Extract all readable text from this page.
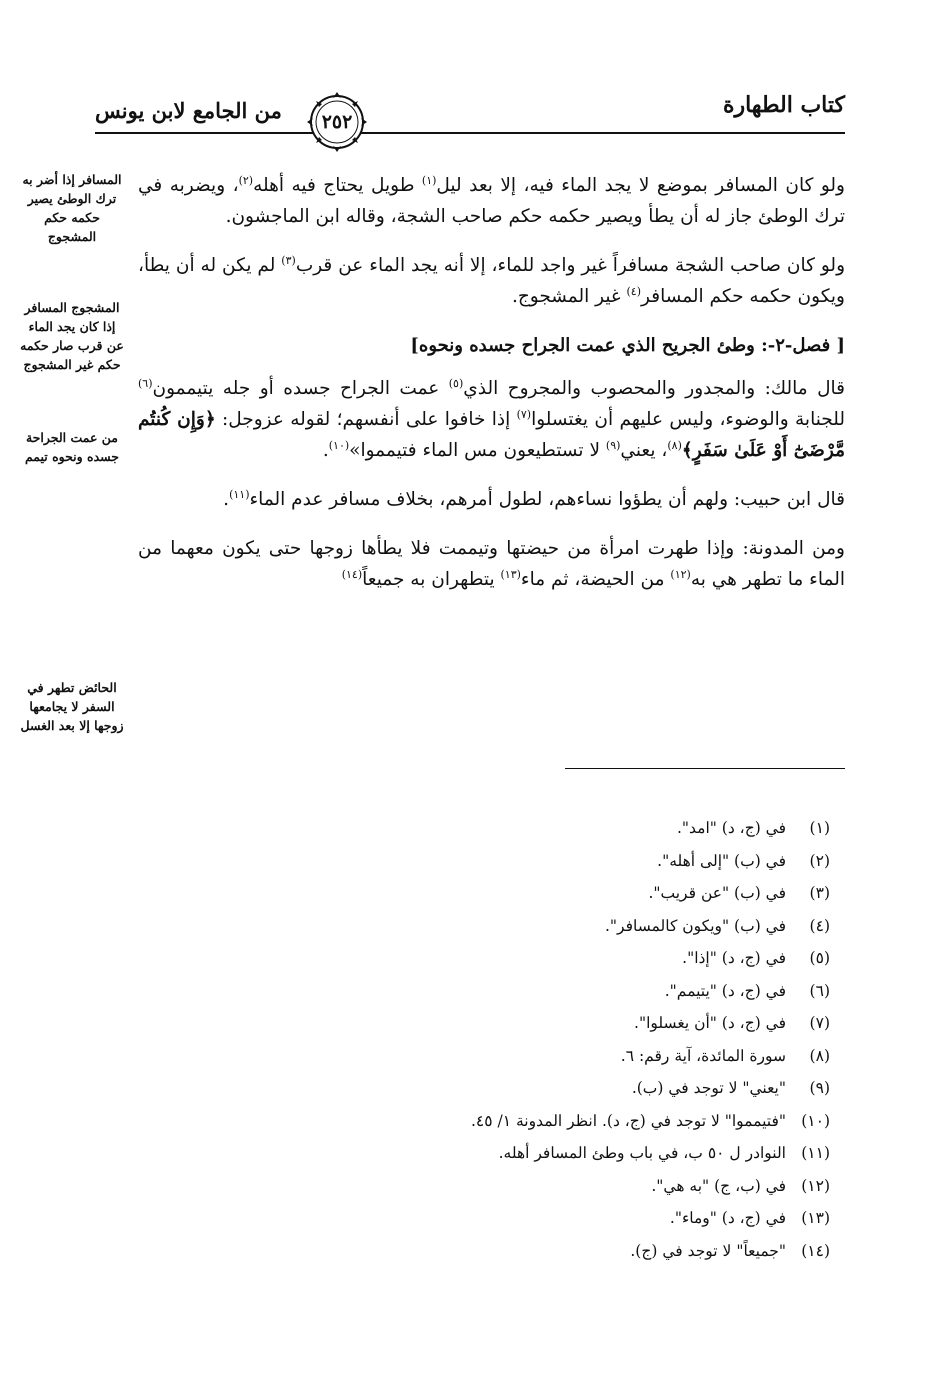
كتاب الطهارة
من الجامع لابن يونس	٢٥٢
المسافر إذا أضر به ترك الوطئ يصير حكمه حكم المشجوج
المشجوج المسافر إذا كان يجد الماء عن قرب صار حكمه حكم غير المشجوج
من عمت الجراحة جسده ونحوه تيمم
الحائض تطهر في السفر لا يجامعها زوجها إلا بعد الغسل

ولو كان المسافر بموضع لا يجد الماء فيه، إلا بعد ليل$^{(١)}$ طويل يحتاج فيه أهله$^{(٢)}$، ويضربه في ترك الوطئ جاز له أن يطأ ويصير حكمه حكم صاحب الشجة، وقاله ابن الماجشون.

ولو كان صاحب الشجة مسافراً غير واجد للماء، إلا أنه يجد الماء عن قرب$^{(٣)}$ لم يكن له أن يطأ، ويكون حكمه حكم المسافر$^{(٤)}$ غير المشجوج.

[ فصل-٢-: وطئ الجريح الذي عمت الجراح جسده ونحوه]

قال مالك: والمجدور والمحصوب والمجروح الذي$^{(٥)}$ عمت الجراح جسده أو جله يتيممون$^{(٦)}$ للجنابة والوضوء، وليس عليهم أن يغتسلوا$^{(٧)}$ إذا خافوا على أنفسهم؛ لقوله عزوجل: ﴿وَإِن كُنتُم مَّرْضَىٰٓ أَوْ عَلَىٰ سَفَرٍ﴾$^{(٨)}$، يعني$^{(٩)}$ لا تستطيعون مس الماء فتيمموا»$^{(١٠)}$.

قال ابن حبيب: ولهم أن يطؤوا نساءهم، لطول أمرهم، بخلاف مسافر عدم الماء$^{(١١)}$.

ومن المدونة: وإذا طهرت امرأة من حيضتها وتيممت فلا يطأها زوجها حتى يكون معهما من الماء ما تطهر هي به$^{(١٢)}$ من الحيضة، ثم ماء$^{(١٣)}$ يتطهران به جميعاً$^{(١٤)}$

(١)
في (ج، د) "امد".
(٢)
في (ب) "إلى أهله".
(٣)
في (ب) "عن قريب".
(٤)
في (ب) "ويكون كالمسافر".
(٥)
في (ج، د) "إذا".
(٦)
في (ج، د) "يتيمم".
(٧)
في (ج، د) "أن يغسلوا".
(٨)
سورة المائدة، آية رقم: ٦.
(٩)
"يعني" لا توجد في (ب).
(١٠)
"فتيمموا" لا توجد في (ج، د). انظر المدونة ١/ ٤٥.
(١١)
النوادر ل ٥٠ ب، في باب وطئ المسافر أهله.
(١٢)
في (ب، ج) "به هي".
(١٣)
في (ج، د) "وماء".
(١٤)
"جميعاً" لا توجد في (ج).
